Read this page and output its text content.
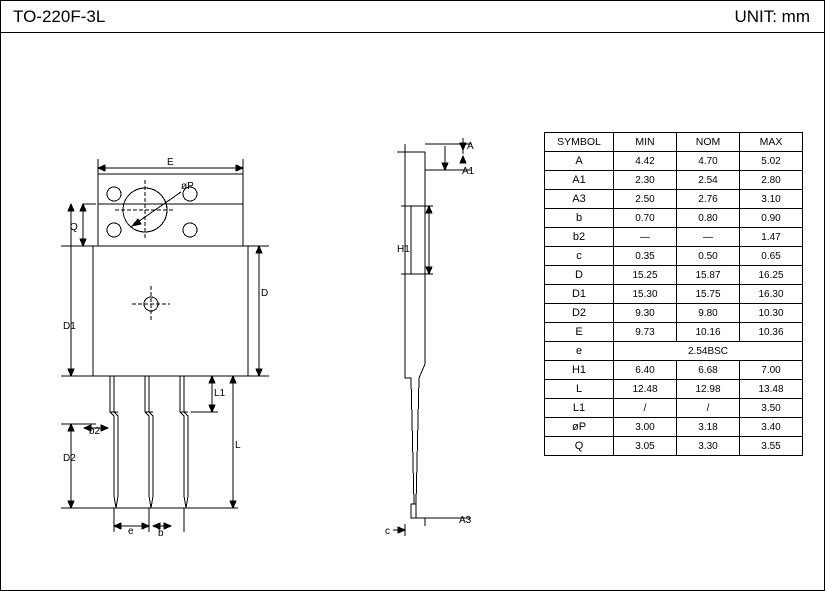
TO-220F-3L	UNIT: mm
E
øP
Q
D
D1
D2
L
L1
b2
e b
A
A1
H1
c
A3
SYMBOL	MIN	NOM	MAX
A	4.42	4.70	5.02
A1	2.30	2.54	2.80
A3	2.50	2.76	3.10
b	0.70	0.80	0.90
b2	—	—	1.47
c	0.35	0.50	0.65
D	15.25	15.87	16.25
D1	15.30	15.75	16.30
D2	9.30	9.80	10.30
E	9.73	10.16	10.36
e	2.54BSC		
H1	6.40	6.68	7.00
L	12.48	12.98	13.48
L1	/	/	3.50
øP	3.00	3.18	3.40
Q	3.05	3.30	3.55
